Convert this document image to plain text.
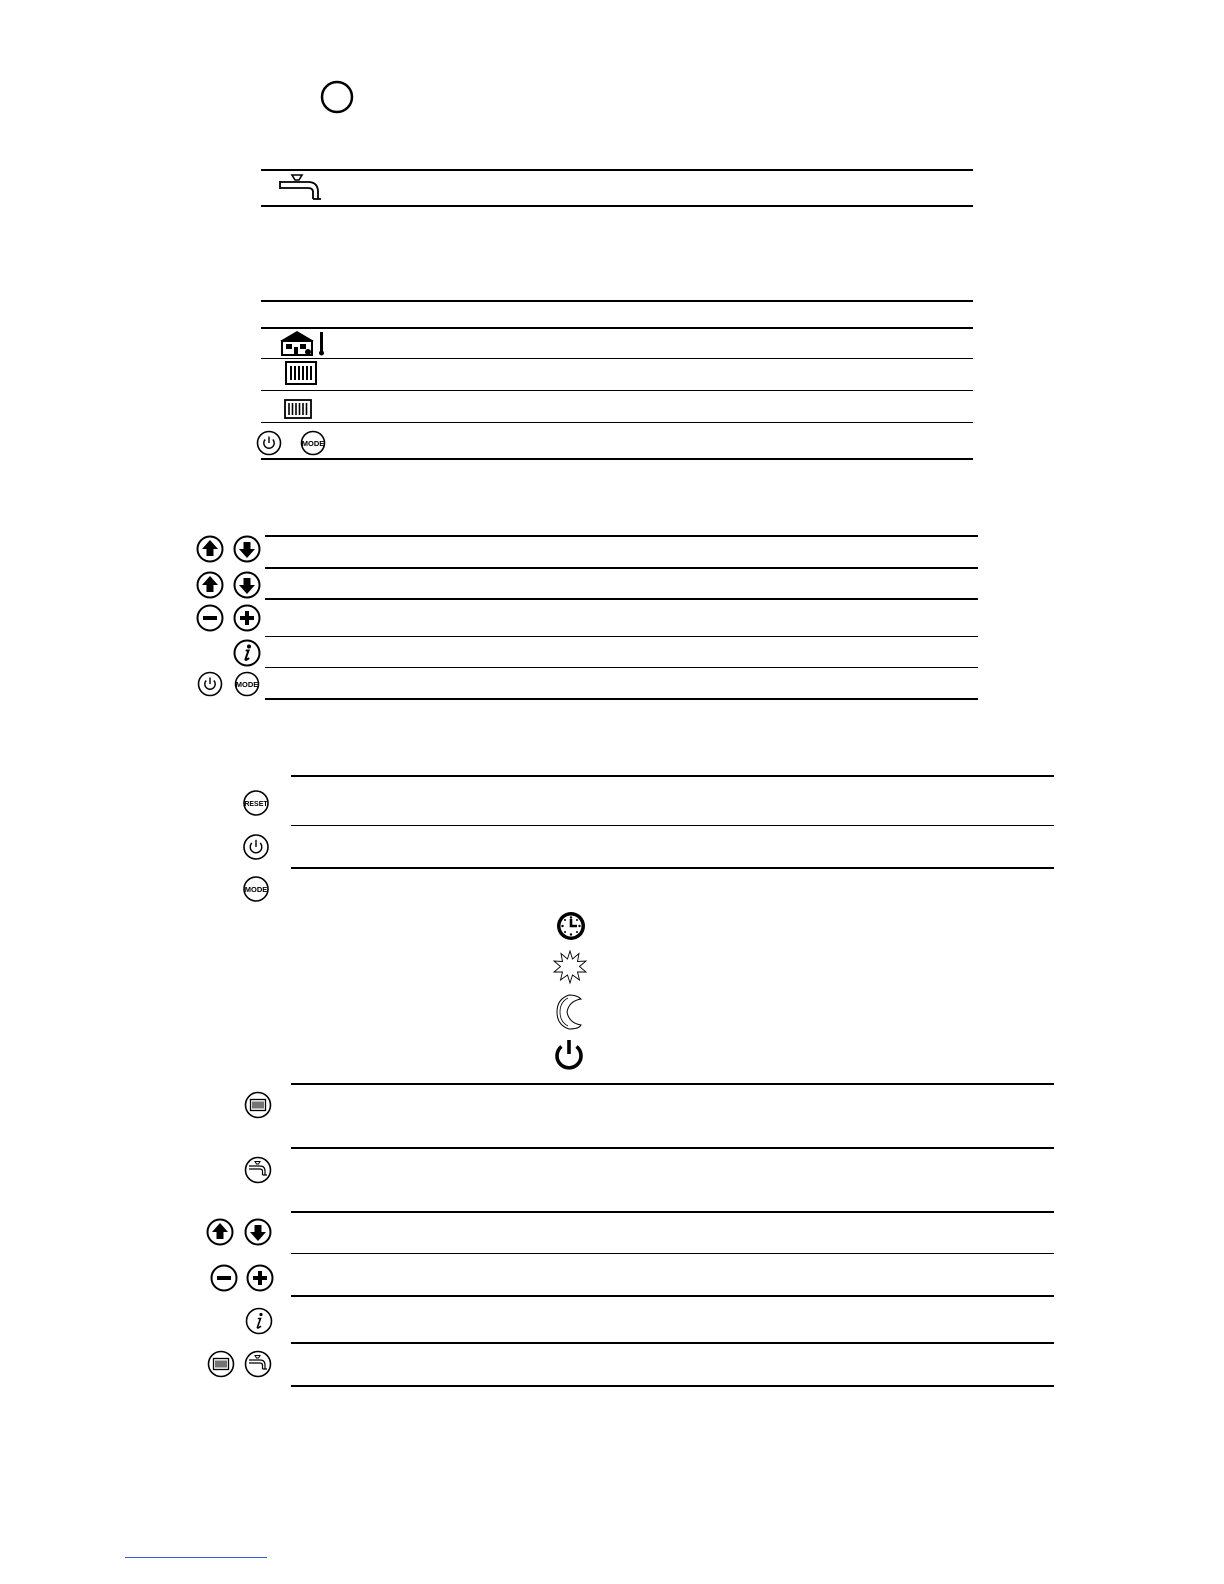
MODE
MODE
RESET
MODE
